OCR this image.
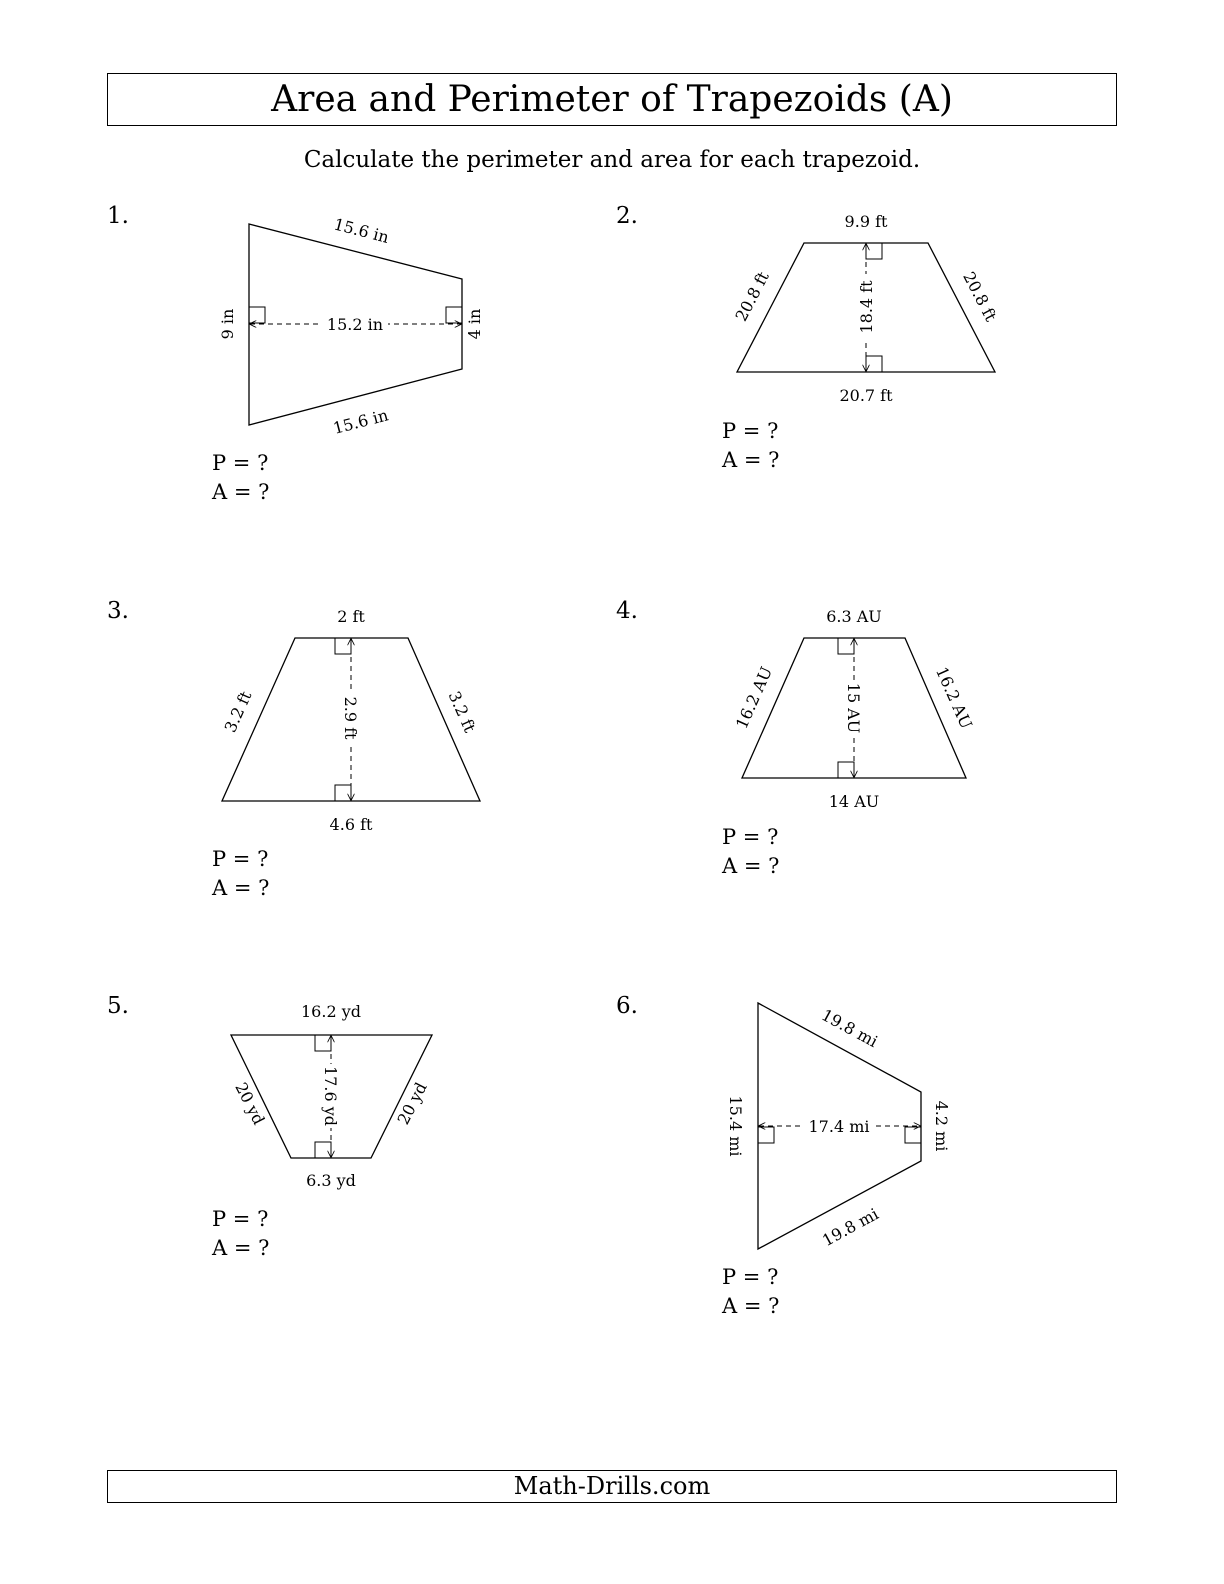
Area and Perimeter of Trapezoids (A)
Calculate the perimeter and area for each trapezoid.
1.	2.
3.	4.
5.	6.
P = ?
A = ?
P = ?
A = ?
P = ?
A = ?
P = ?
A = ?
P = ?
A = ?
P = ?
A = ?
15.2 in
15.6 in
15.6 in
9 in	4 in	18.4 ft
9.9 ft
20.7 ft
20.8 ft	20.8 ft
2.9 ft
2 ft
4.6 ft
3.2 ft	3.2 ft	15 AU
6.3 AU
14 AU
16.2 AU	16.2 AU
17.6 yd
16.2 yd
6.3 yd
20 yd	20 yd	17.4 mi
19.8 mi
19.8 mi
15.4 mi	4.2 mi
Math-Drills.com
